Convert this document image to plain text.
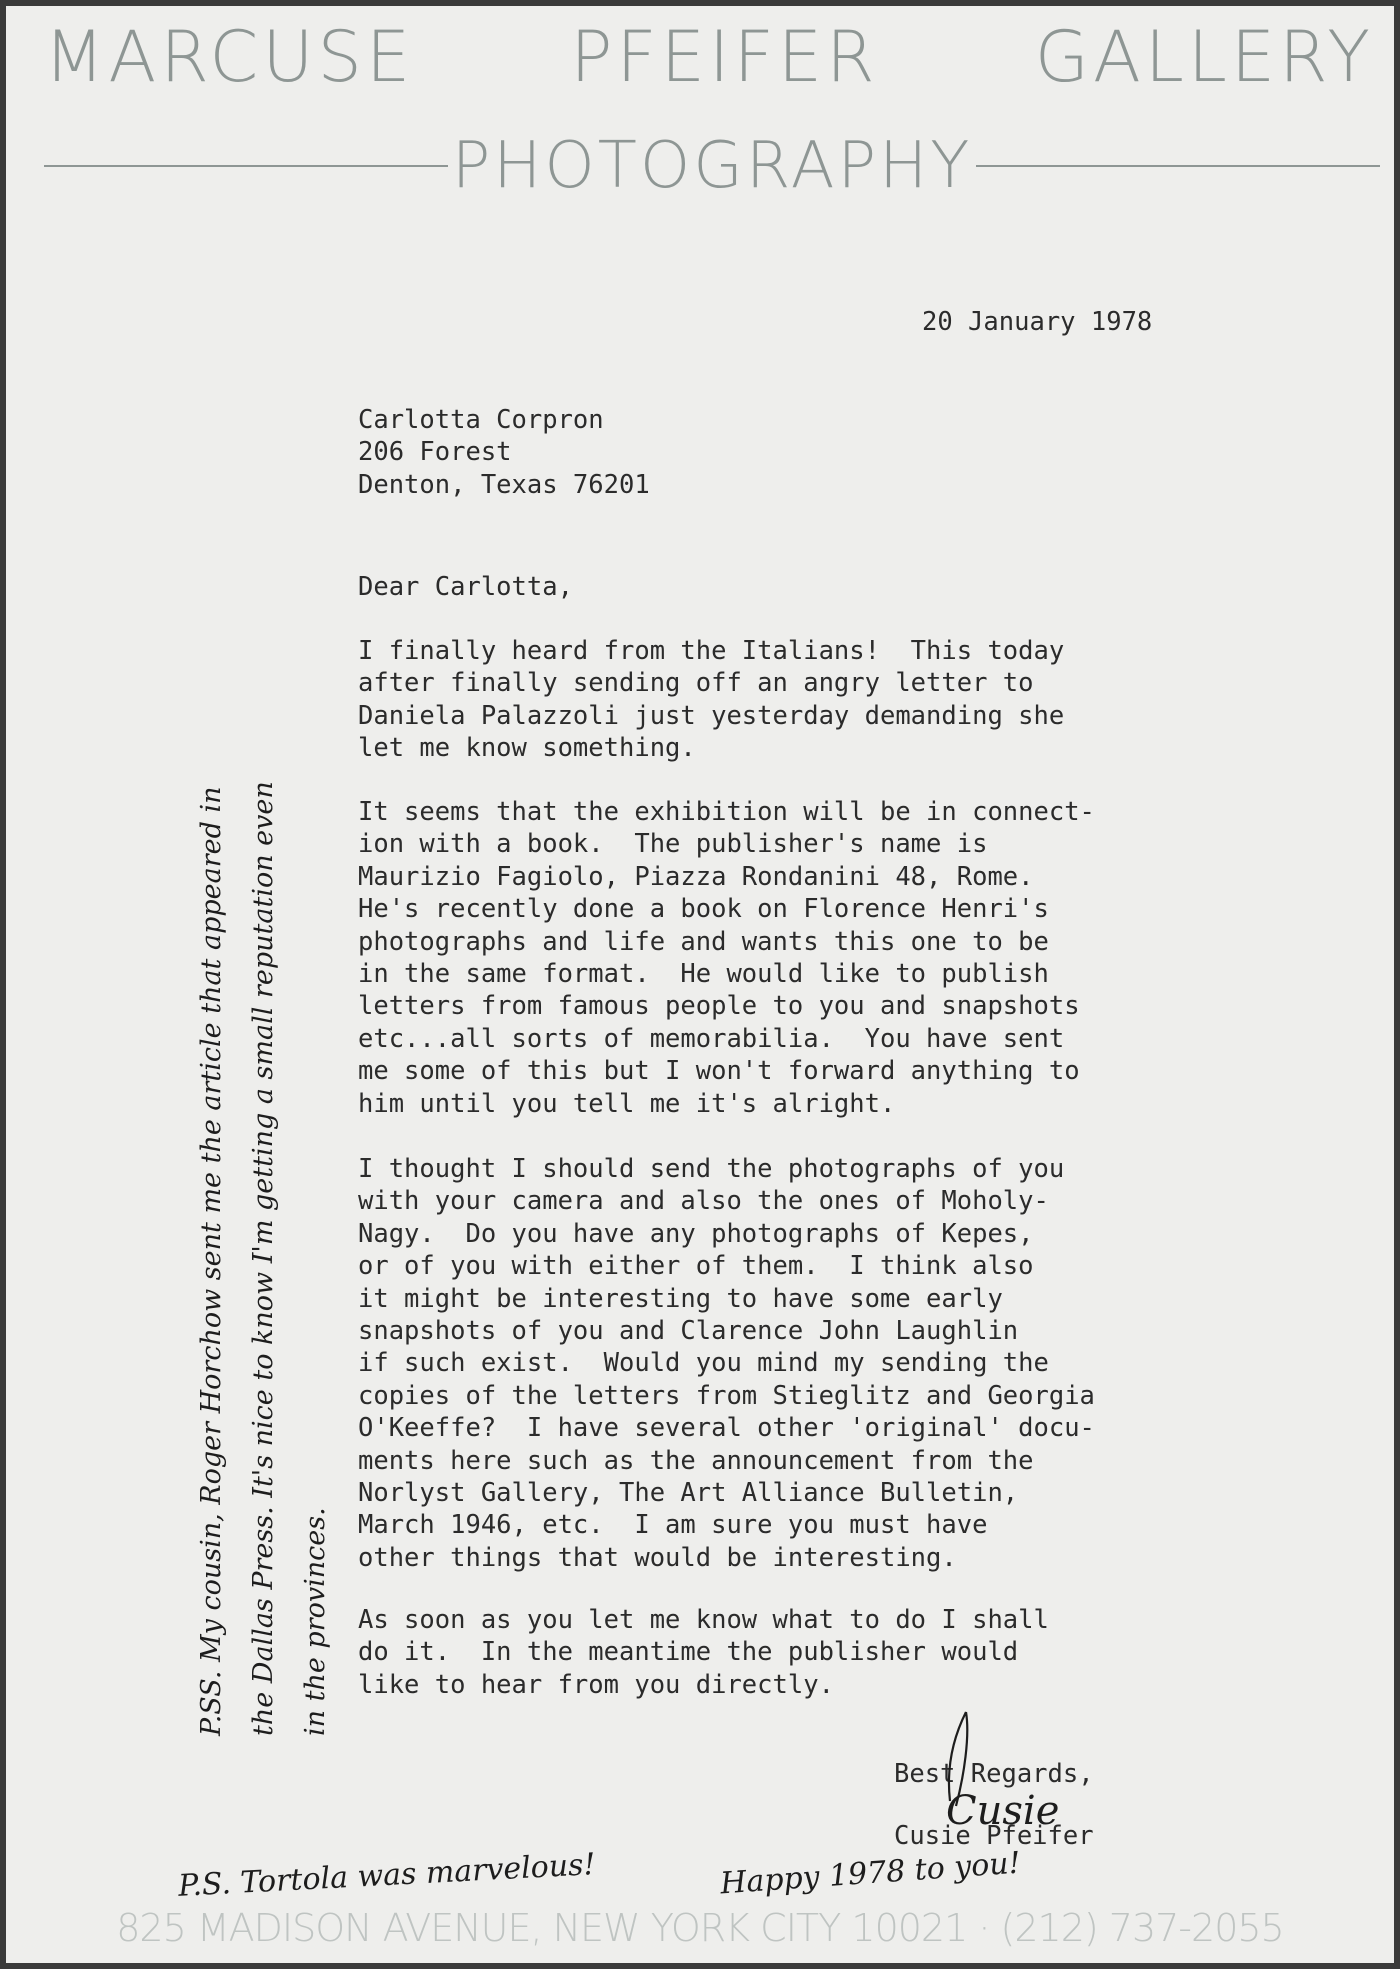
MARCUSE PFEIFER GALLERY
PHOTOGRAPHY
20 January 1978
Carlotta Corpron
206 Forest
Denton, Texas 76201
Dear Carlotta,
I finally heard from the Italians!  This today
after finally sending off an angry letter to
Daniela Palazzoli just yesterday demanding she
let me know something.
It seems that the exhibition will be in connect-
ion with a book.  The publisher's name is
Maurizio Fagiolo, Piazza Rondanini 48, Rome.
He's recently done a book on Florence Henri's
photographs and life and wants this one to be
in the same format.  He would like to publish
letters from famous people to you and snapshots
etc...all sorts of memorabilia.  You have sent
me some of this but I won't forward anything to
him until you tell me it's alright.
I thought I should send the photographs of you
with your camera and also the ones of Moholy-
Nagy.  Do you have any photographs of Kepes,
or of you with either of them.  I think also
it might be interesting to have some early
snapshots of you and Clarence John Laughlin
if such exist.  Would you mind my sending the
copies of the letters from Stieglitz and Georgia
O'Keeffe?  I have several other 'original' docu-
ments here such as the announcement from the
Norlyst Gallery, The Art Alliance Bulletin,
March 1946, etc.  I am sure you must have
other things that would be interesting.
As soon as you let me know what to do I shall
do it.  In the meantime the publisher would
like to hear from you directly.
Best Regards,
Cusie
Cusie Pfeifer
P.SS. My cousin, Roger Horchow sent me the article that appeared in the Dallas Press. It's nice to know I'm getting a small reputation even in the provinces.
P.S. Tortola was marvelous!	Happy 1978 to you!
825 MADISON AVENUE, NEW YORK CITY 10021 · (212) 737-2055
